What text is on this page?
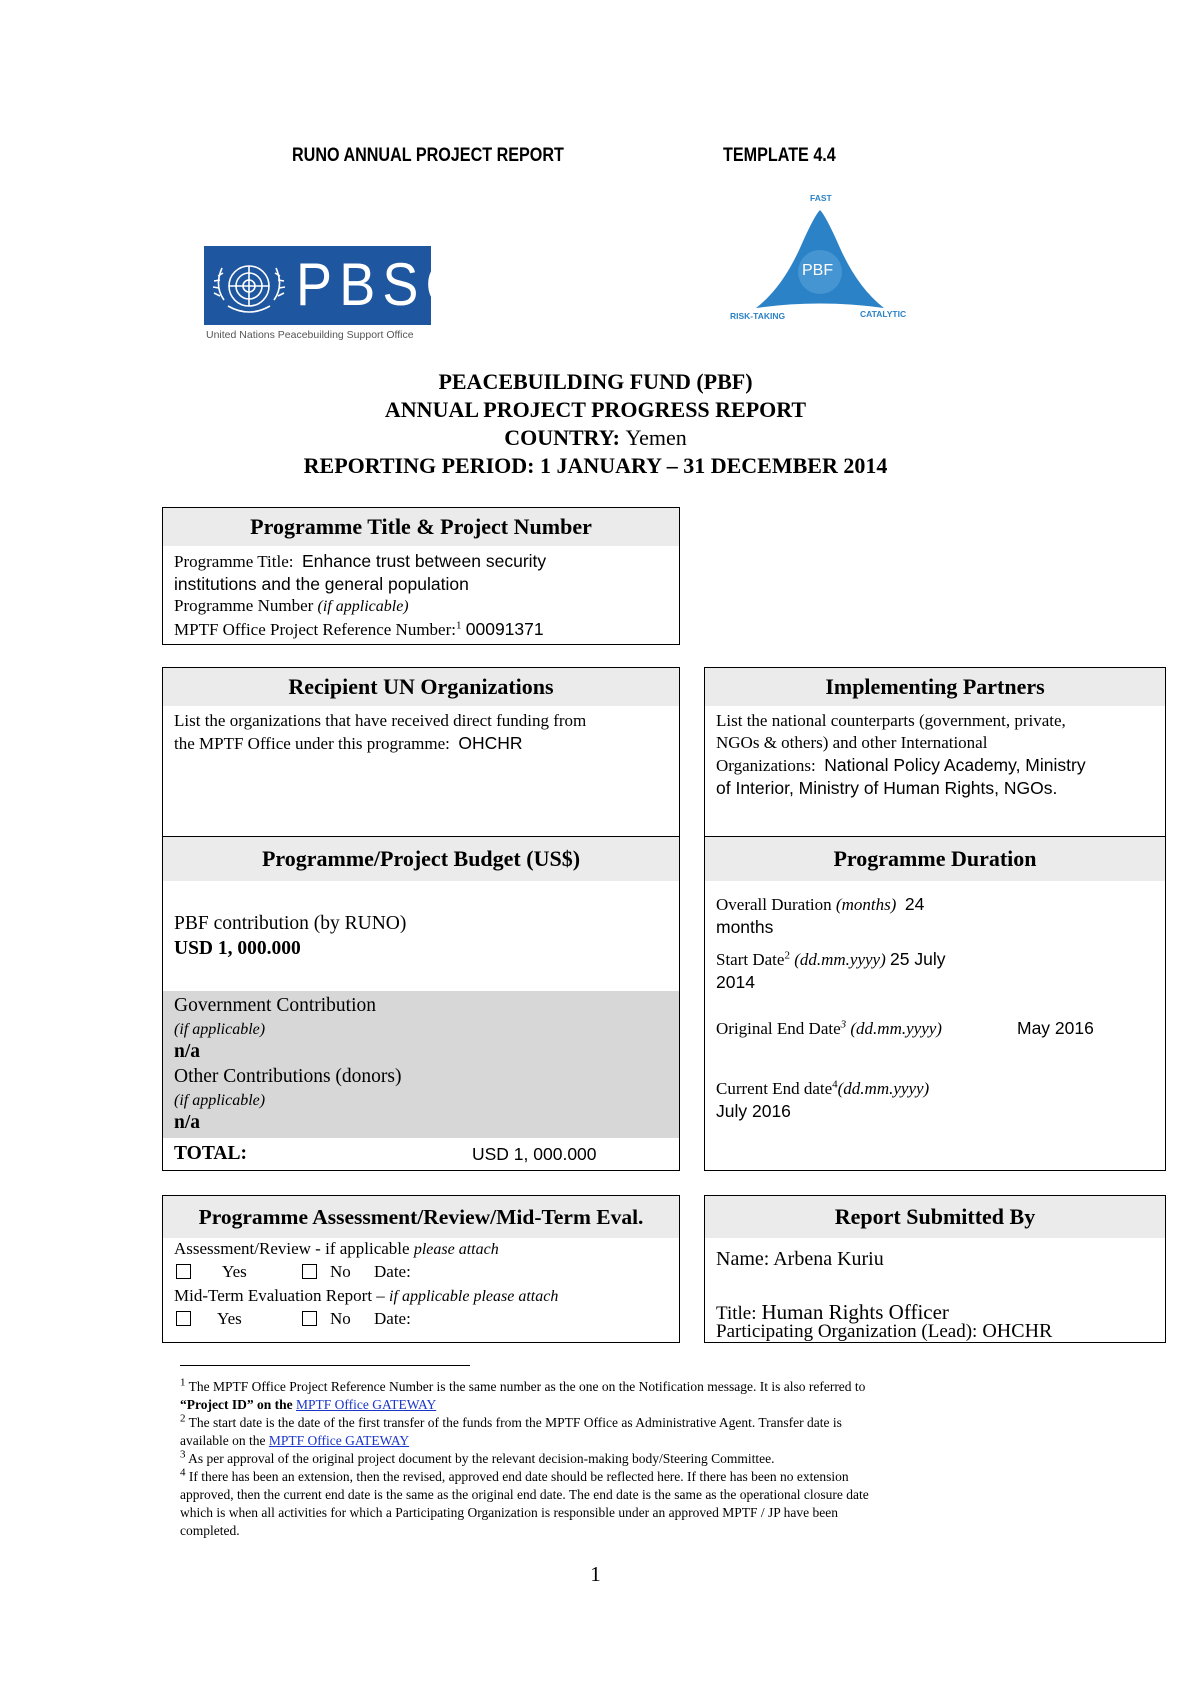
RUNO ANNUAL PROJECT REPORT	TEMPLATE 4.4
PBSO
United Nations Peacebuilding Support Office
FAST
PBF
RISK-TAKING	CATALYTIC
PEACEBUILDING FUND (PBF)
ANNUAL PROJECT PROGRESS REPORT
COUNTRY: Yemen
REPORTING PERIOD: 1 JANUARY – 31 DECEMBER 2014
Programme Title & Project Number
Programme Title: Enhance trust between security
institutions and the general population
Programme Number (if applicable)
MPTF Office Project Reference Number:$^1$ 00091371
Recipient UN Organizations
List the organizations that have received direct funding from
the MPTF Office under this programme: OHCHR
Implementing Partners
List the national counterparts (government, private,
NGOs & others) and other International
Organizations: National Policy Academy, Ministry
of Interior, Ministry of Human Rights, NGOs.
Programme/Project Budget (US$)
PBF contribution (by RUNO)
USD 1, 000.000
Government Contribution
(if applicable)
n/a
Other Contributions (donors)
(if applicable)
n/a
TOTAL:	USD 1, 000.000
Programme Duration
Overall Duration (months) 24
months
Start Date$^2$ (dd.mm.yyyy) 25 July
2014
Original End Date$^3$ (dd.mm.yyyy)	May 2016
Current End date$^4$(dd.mm.yyyy)
July 2016
Programme Assessment/Review/Mid-Term Eval.
Assessment/Review - if applicable please attach
Yes	No Date:
Mid-Term Evaluation Report – if applicable please attach
Yes	No Date:
Report Submitted By
Name: Arbena Kuriu
Title: Human Rights Officer
Participating Organization (Lead): OHCHR
$^1$ The MPTF Office Project Reference Number is the same number as the one on the Notification message. It is also referred to
“Project ID” on the MPTF Office GATEWAY
$^2$ The start date is the date of the first transfer of the funds from the MPTF Office as Administrative Agent. Transfer date is
available on the MPTF Office GATEWAY
$^3$ As per approval of the original project document by the relevant decision-making body/Steering Committee.
$^4$ If there has been an extension, then the revised, approved end date should be reflected here. If there has been no extension
approved, then the current end date is the same as the original end date. The end date is the same as the operational closure date
which is when all activities for which a Participating Organization is responsible under an approved MPTF / JP have been
completed.
1
